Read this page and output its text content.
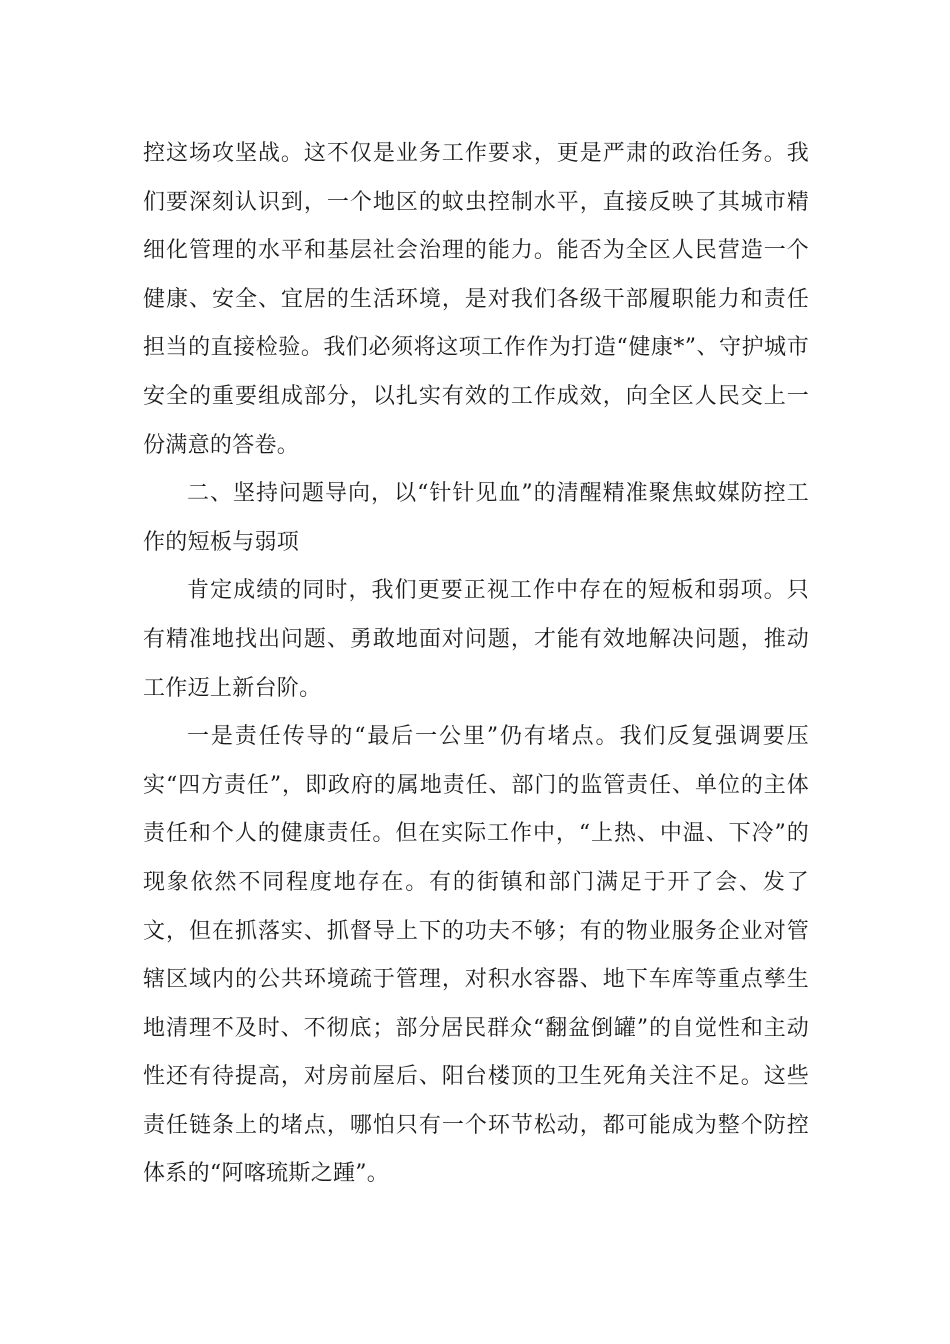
控这场攻坚战。这不仅是业务工作要求，更是严肃的政治任务。我们要深刻认识到，一个地区的蚊虫控制水平，直接反映了其城市精细化管理的水平和基层社会治理的能力。能否为全区人民营造一个健康、安全、宜居的生活环境，是对我们各级干部履职能力和责任担当的直接检验。我们必须将这项工作作为打造“健康*”、守护城市安全的重要组成部分，以扎实有效的工作成效，向全区人民交上一份满意的答卷。

二、坚持问题导向，以“针针见血”的清醒精准聚焦蚊媒防控工作的短板与弱项

肯定成绩的同时，我们更要正视工作中存在的短板和弱项。只有精准地找出问题、勇敢地面对问题，才能有效地解决问题，推动工作迈上新台阶。

一是责任传导的“最后一公里”仍有堵点。我们反复强调要压实“四方责任”，即政府的属地责任、部门的监管责任、单位的主体责任和个人的健康责任。但在实际工作中，“上热、中温、下冷”的现象依然不同程度地存在。有的街镇和部门满足于开了会、发了文，但在抓落实、抓督导上下的功夫不够；有的物业服务企业对管辖区域内的公共环境疏于管理，对积水容器、地下车库等重点孳生地清理不及时、不彻底；部分居民群众“翻盆倒罐”的自觉性和主动性还有待提高，对房前屋后、阳台楼顶的卫生死角关注不足。这些责任链条上的堵点，哪怕只有一个环节松动，都可能成为整个防控体系的“阿喀琉斯之踵”。
